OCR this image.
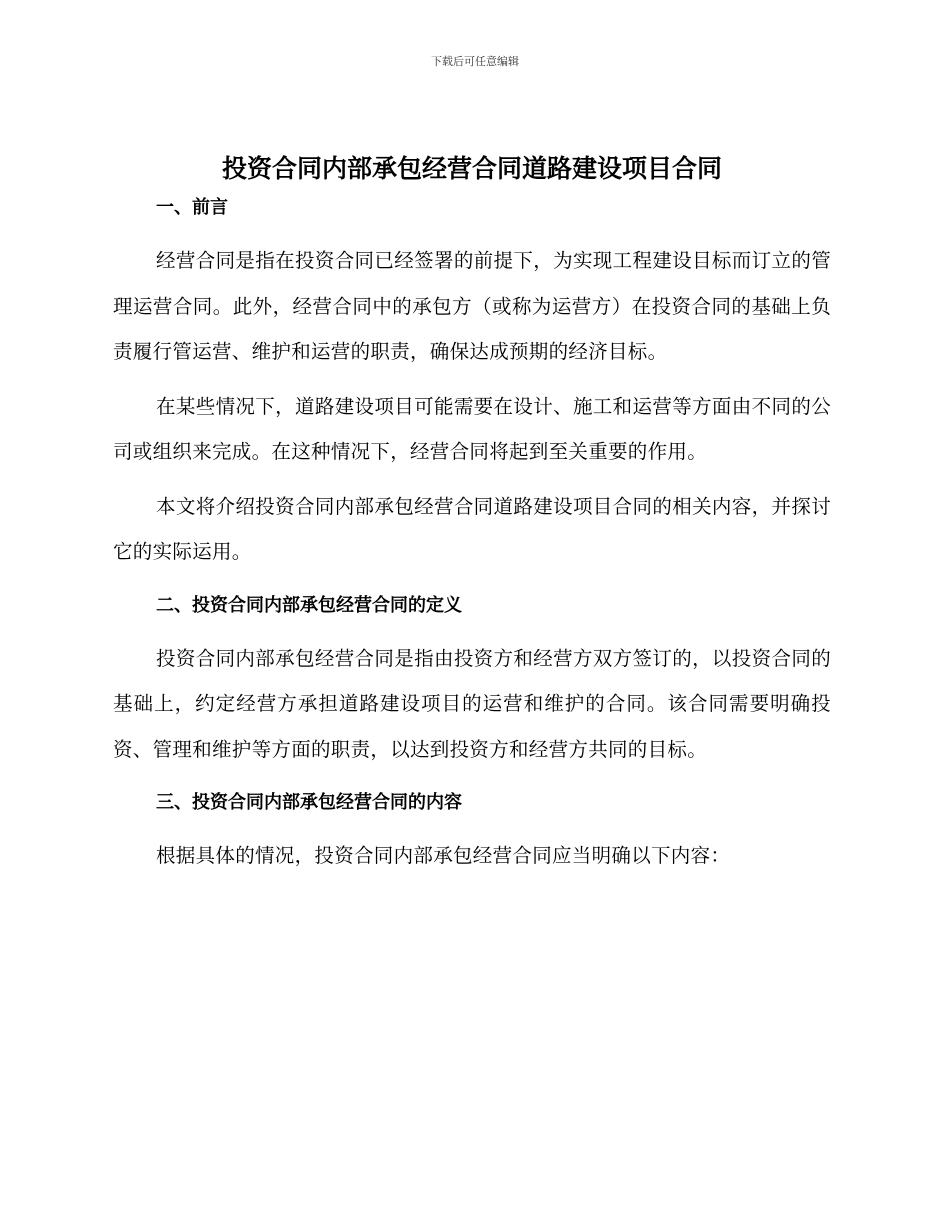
下载后可任意编辑
投资合同内部承包经营合同道路建设项目合同
一、前言

经营合同是指在投资合同已经签署的前提下，为实现工程建设目标而订立的管理运营合同。此外，经营合同中的承包方（或称为运营方）在投资合同的基础上负责履行管运营、维护和运营的职责，确保达成预期的经济目标。

在某些情况下，道路建设项目可能需要在设计、施工和运营等方面由不同的公司或组织来完成。在这种情况下，经营合同将起到至关重要的作用。

本文将介绍投资合同内部承包经营合同道路建设项目合同的相关内容，并探讨它的实际运用。

二、投资合同内部承包经营合同的定义

投资合同内部承包经营合同是指由投资方和经营方双方签订的，以投资合同的基础上，约定经营方承担道路建设项目的运营和维护的合同。该合同需要明确投资、管理和维护等方面的职责，以达到投资方和经营方共同的目标。

三、投资合同内部承包经营合同的内容

根据具体的情况，投资合同内部承包经营合同应当明确以下内容：
